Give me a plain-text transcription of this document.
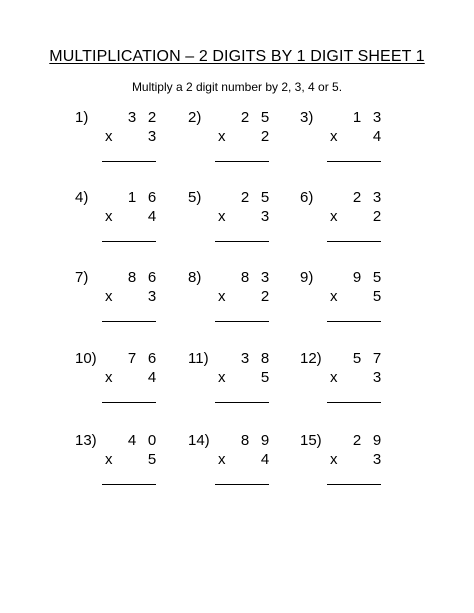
MULTIPLICATION – 2 DIGITS BY 1 DIGIT SHEET 1
Multiply a 2 digit number by 2, 3, 4 or 5.
1)	3 2
x 3
2)	2 5
x 2
3)	1 3
x 4
4)	1 6
x 4
5)	2 5
x 3
6)	2 3
x 2
7)	8 6
x 3
8)	8 3
x 2
9)	9 5
x 5
10) 7 6
x 4
11) 3 8
x 5
12) 5 7
x 3
13) 4 0
x 5
14) 8 9
x 4
15) 2 9
x 3
